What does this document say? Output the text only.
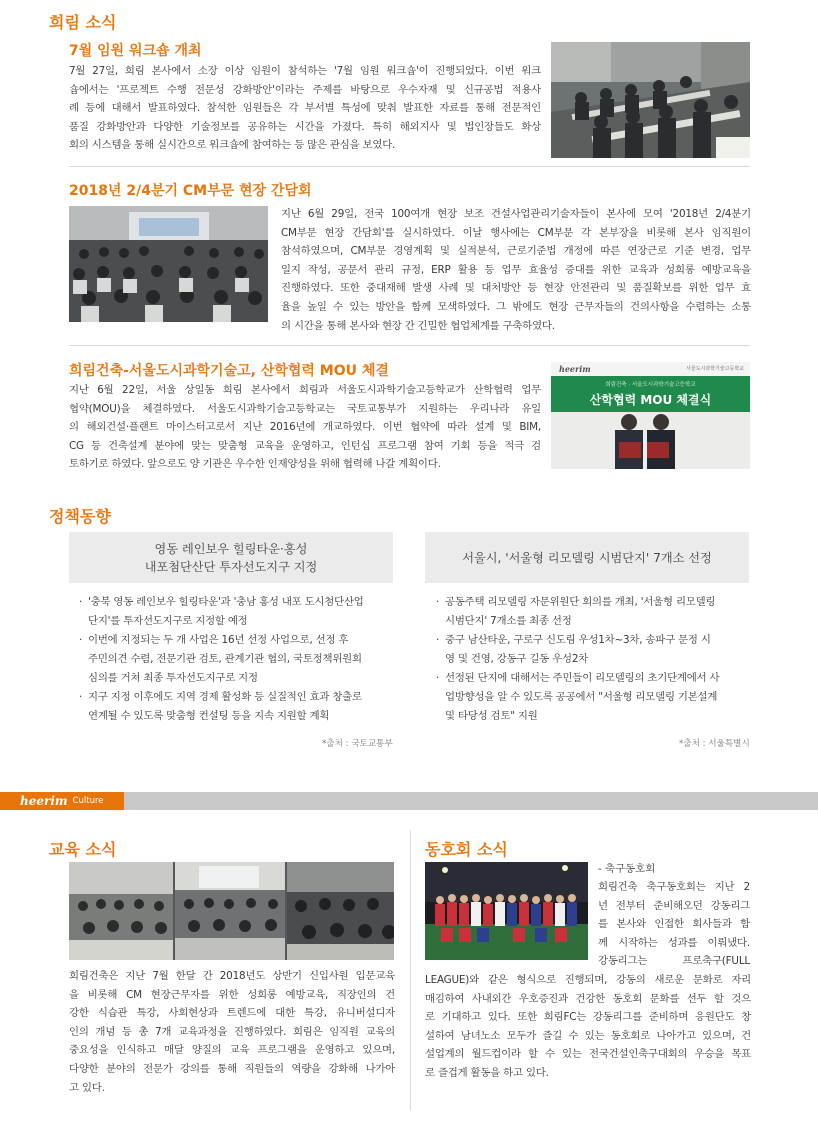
희림 소식
7월 임원 워크숍 개최
7월 27일, 희림 본사에서 소장 이상 임원이 참석하는 '7월 임원 워크숍'이 진행되었다. 이번 워크
숍에서는 '프로젝트 수행 전문성 강화방안'이라는 주제를 바탕으로 우수자재 및 신규공법 적용사
례 등에 대해서 발표하였다. 참석한 임원들은 각 부서별 특성에 맞춰 발표한 자료를 통해 전문적인
품질 강화방안과 다양한 기술정보를 공유하는 시간을 가졌다. 특히 해외지사 및 법인장들도 화상
회의 시스템을 통해 실시간으로 워크숍에 참여하는 등 많은 관심을 보였다.
2018년 2/4분기 CM부문 현장 간담회
지난 6월 29일, 전국 100여개 현장 보조 건설사업관리기술자들이 본사에 모여 '2018년 2/4분기
CM부문 현장 간담회'를 실시하였다. 이날 행사에는 CM부문 각 본부장을 비롯해 본사 임직원이
참석하였으며, CM부문 경영계획 및 실적분석, 근로기준법 개정에 따른 연장근로 기준 변경, 업무
일지 작성, 공문서 관리 규정, ERP 활용 등 업무 효율성 증대를 위한 교육과 성희롱 예방교육을
진행하였다. 또한 중대재해 발생 사례 및 대처방안 등 현장 안전관리 및 품질확보를 위한 업무 효
율을 높일 수 있는 방안을 함께 모색하였다. 그 밖에도 현장 근무자들의 건의사항을 수렴하는 소통
의 시간을 통해 본사와 현장 간 긴밀한 협업체계를 구축하였다.
희림건축-서울도시과학기술고, 산학협력 MOU 체결
지난 6월 22일, 서울 상일동 희림 본사에서 희림과 서울도시과학기술고등학교가 산학협력 업무
협약(MOU)을 체결하였다. 서울도시과학기술고등학교는 국토교통부가 지원하는 우리나라 유일
의 해외건설·플랜트 마이스터고로서 지난 2016년에 개교하였다. 이번 협약에 따라 설계 및 BIM,
CG 등 건축설계 분야에 맞는 맞춤형 교육을 운영하고, 인턴십 프로그램 참여 기회 등을 적극 검
토하기로 하였다. 앞으로도 양 기관은 우수한 인재양성을 위해 협력해 나갈 계획이다.
heerim	서울도시과학기술고등학교
희림건축 · 서울도시과학기술고등학교
산학협력 MOU 체결식
정책동향
영동 레인보우 힐링타운·홍성
내포첨단산단 투자선도지구 지정
서울시, '서울형 리모델링 시범단지' 7개소 선정
· '충북 영동 레인보우 힐링타운'과 '충남 홍성 내포 도시첨단산업
단지'를 투자선도지구로 지정할 예정
· 이번에 지정되는 두 개 사업은 16년 선정 사업으로, 선정 후
주민의견 수렴, 전문기관 검토, 관계기관 협의, 국토정책위원회
심의를 거쳐 최종 투자선도지구로 지정
· 지구 지정 이후에도 지역 경제 활성화 등 실질적인 효과 창출로
연계될 수 있도록 맞춤형 컨설팅 등을 지속 지원할 계획
· 공동주택 리모델링 자문위원단 회의를 개최, '서울형 리모델링
시범단지' 7개소를 최종 선정
· 중구 남산타운, 구로구 신도림 우성1차~3차, 송파구 문정 시
영 및 건영, 강동구 길동 우성2차
· 선정된 단지에 대해서는 주민들이 리모델링의 초기단계에서 사
업방향성을 알 수 있도록 공공에서 "서울형 리모델링 기본설계
및 타당성 검토" 지원
*출처 : 국토교통부	*출처 : 서울특별시
heerim Culture
교육 소식
희림건축은 지난 7월 한달 간 2018년도 상반기 신입사원 입문교육
을 비롯해 CM 현장근무자를 위한 성희롱 예방교육, 직장인의 건
강한 식습관 특강, 사회현상과 트렌드에 대한 특강, 유니버설디자
인의 개념 등 총 7개 교육과정을 진행하였다. 희림은 임직원 교육의
중요성을 인식하고 매달 양질의 교육 프로그램을 운영하고 있으며,
다양한 분야의 전문가 강의를 통해 직원들의 역량을 강화해 나가아
고 있다.
동호회 소식
- 축구동호회
희림건축 축구동호회는 지난 2
년 전부터 준비해오던 강동리그
를 본사와 인접한 회사들과 함
께 시작하는 성과를 이뤄냈다.
강동리그는 프로축구(FULL
LEAGUE)와 같은 형식으로 진행되며, 강동의 새로운 문화로 자리
매김하여 사내외간 우호증진과 건강한 동호회 문화를 선두 할 것으
로 기대하고 있다. 또한 희림FC는 강동리그를 준비하며 응원단도 창
설하여 남녀노소 모두가 즐길 수 있는 동호회로 나아가고 있으며, 건
설업계의 월드컵이라 할 수 있는 전국건설인축구대회의 우승을 목표
로 즐겁게 활동을 하고 있다.
